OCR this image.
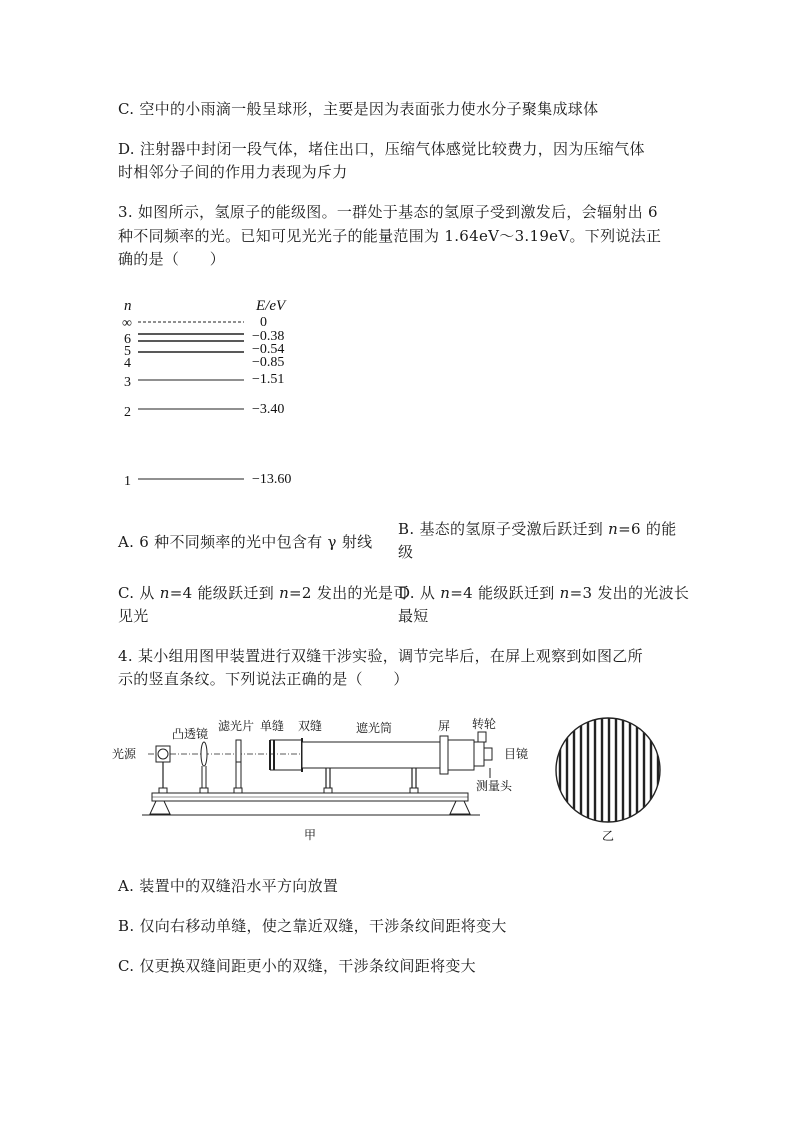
C. 空中的小雨滴一般呈球形，主要是因为表面张力使水分子聚集成球体
D. 注射器中封闭一段气体，堵住出口，压缩气体感觉比较费力，因为压缩气体
时相邻分子间的作用力表现为斥力
3. 如图所示，氢原子的能级图。一群处于基态的氢原子受到激发后，会辐射出 6
种不同频率的光。已知可见光光子的能量范围为 1.64eV～3.19eV。下列说法正
确的是（　　）
n	E/eV
∞	0
6	−0.38
5	−0.54
4	−0.85
3	−1.51
2	−3.40
1	−13.60
A. 6 种不同频率的光中包含有 γ 射线
B. 基态的氢原子受激后跃迁到 n=6 的能
级
C. 从 n=4 能级跃迁到 n=2 发出的光是可
见光
D. 从 n=4 能级跃迁到 n=3 发出的光波长
最短
4. 某小组用图甲装置进行双缝干涉实验，调节完毕后，在屏上观察到如图乙所
示的竖直条纹。下列说法正确的是（　　）
光源
凸透镜
滤光片 单缝 双缝	遮光筒	屏 转轮
目镜
测量头
甲	乙
A. 装置中的双缝沿水平方向放置
B. 仅向右移动单缝，使之靠近双缝，干涉条纹间距将变大
C. 仅更换双缝间距更小的双缝，干涉条纹间距将变大
